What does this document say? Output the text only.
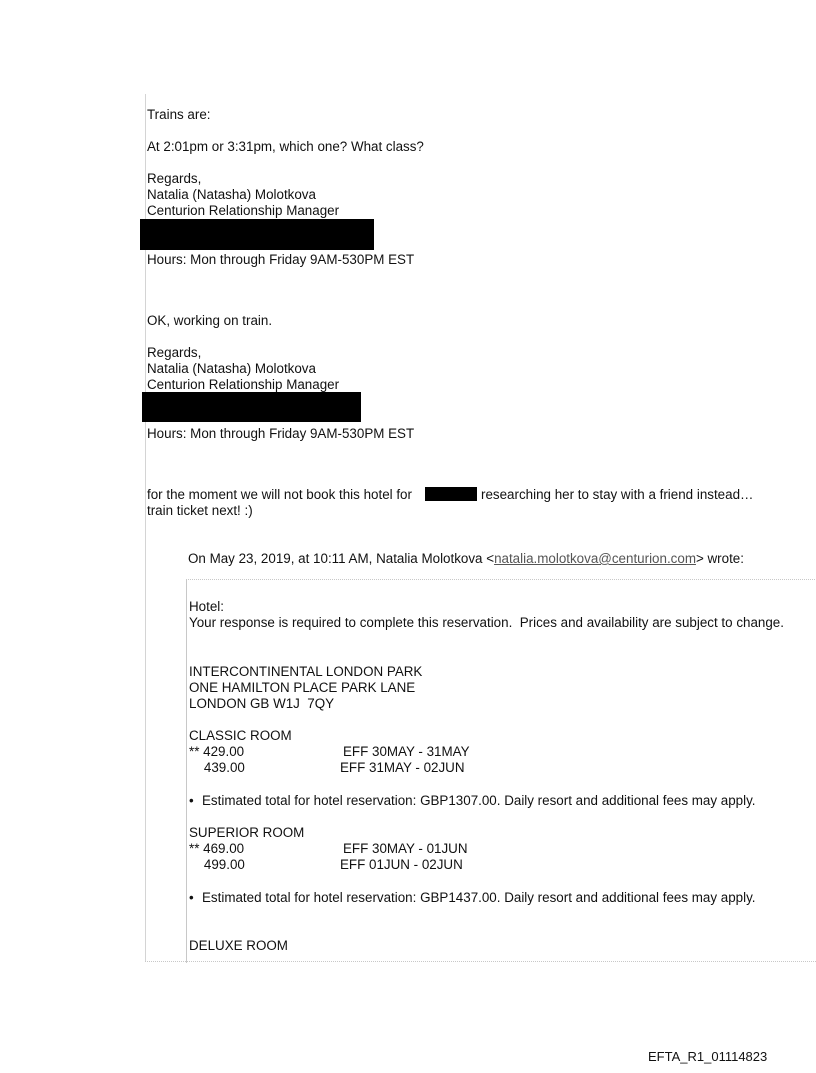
Trains are:
At 2:01pm or 3:31pm, which one? What class?
Regards,
Natalia (Natasha) Molotkova
Centurion Relationship Manager
Hours: Mon through Friday 9AM-530PM EST
OK, working on train.
Regards,
Natalia (Natasha) Molotkova
Centurion Relationship Manager
Hours: Mon through Friday 9AM-530PM EST
for the moment we will not book this hotel for	researching her to stay with a friend instead…
train ticket next! :)
On May 23, 2019, at 10:11 AM, Natalia Molotkova <natalia.molotkova@centurion.com> wrote:
Hotel:
Your response is required to complete this reservation.  Prices and availability are subject to change.
INTERCONTINENTAL LONDON PARK
ONE HAMILTON PLACE PARK LANE
LONDON GB W1J  7QY
CLASSIC ROOM
** 429.00	EFF 30MAY - 31MAY
439.00	EFF 31MAY - 02JUN
• Estimated total for hotel reservation: GBP1307.00. Daily resort and additional fees may apply.
SUPERIOR ROOM
** 469.00	EFF 30MAY - 01JUN
499.00	EFF 01JUN - 02JUN
• Estimated total for hotel reservation: GBP1437.00. Daily resort and additional fees may apply.
DELUXE ROOM
EFTA_R1_01114823
